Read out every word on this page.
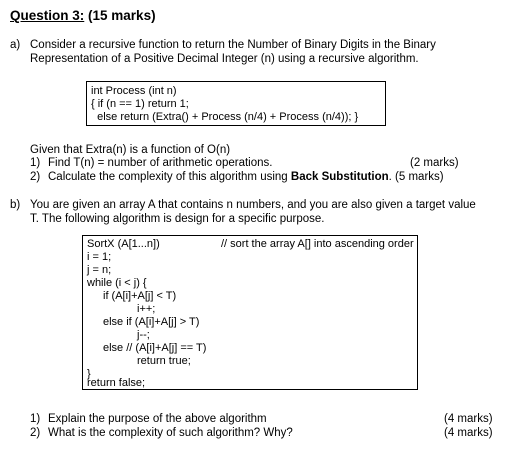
Question 3: (15 marks)
a) Consider a recursive function to return the Number of Binary Digits in the Binary
Representation of a Positive Decimal Integer (n) using a recursive algorithm.
int Process (int n)
{ if (n == 1) return 1;
else return (Extra() + Process (n/4) + Process (n/4)); }
Given that Extra(n) is a function of O(n)
1) Find T(n) = number of arithmetic operations.	(2 marks)
2) Calculate the complexity of this algorithm using Back Substitution. (5 marks)
b) You are given an array A that contains n numbers, and you are also given a target value
T. The following algorithm is design for a specific purpose.
SortX (A[1...n])	// sort the array A[] into ascending order
i = 1;
j = n;
while (i < j) {
if (A[i]+A[j] < T)
i++;
else if (A[i]+A[j] > T)
j--;
else // (A[i]+A[j] == T)
return true;
}
return false;
1) Explain the purpose of the above algorithm	(4 marks)
2) What is the complexity of such algorithm? Why?	(4 marks)
